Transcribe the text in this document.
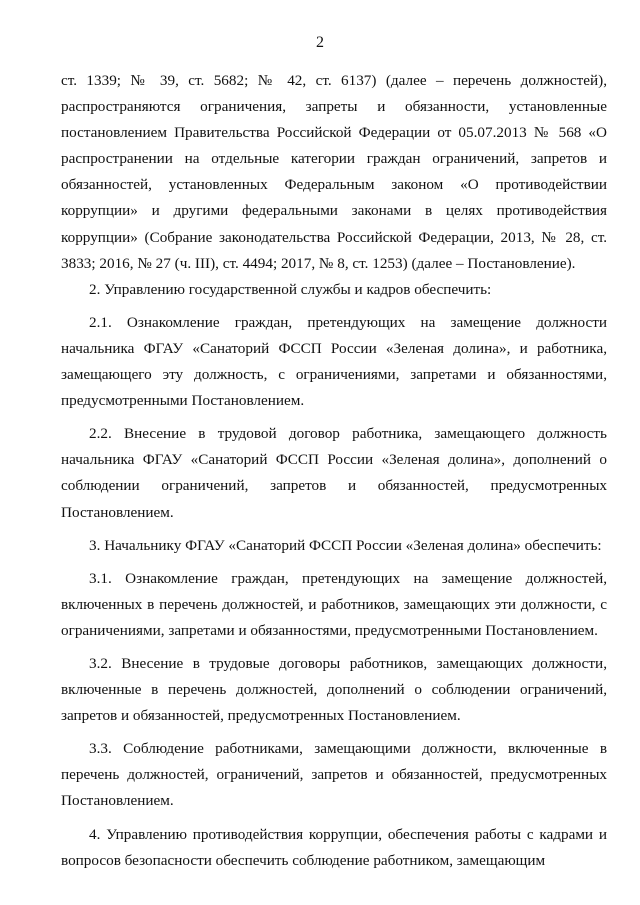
2

ст. 1339; № 39, ст. 5682; № 42, ст. 6137) (далее – перечень должностей), распространяются ограничения, запреты и обязанности, установленные постановлением Правительства Российской Федерации от 05.07.2013 № 568 «О распространении на отдельные категории граждан ограничений, запретов и обязанностей, установленных Федеральным законом «О противодействии коррупции» и другими федеральными законами в целях противодействия коррупции» (Собрание законодательства Российской Федерации, 2013, № 28, ст. 3833; 2016, № 27 (ч. III), ст. 4494; 2017, № 8, ст. 1253) (далее – Постановление).

2. Управлению государственной службы и кадров обеспечить:

2.1. Ознакомление граждан, претендующих на замещение должности начальника ФГАУ «Санаторий ФССП России «Зеленая долина», и работника, замещающего эту должность, с ограничениями, запретами и обязанностями, предусмотренными Постановлением.

2.2. Внесение в трудовой договор работника, замещающего должность начальника ФГАУ «Санаторий ФССП России «Зеленая долина», дополнений о соблюдении ограничений, запретов и обязанностей, предусмотренных Постановлением.

3. Начальнику ФГАУ «Санаторий ФССП России «Зеленая долина» обеспечить:

3.1. Ознакомление граждан, претендующих на замещение должностей, включенных в перечень должностей, и работников, замещающих эти должности, с ограничениями, запретами и обязанностями, предусмотренными Постановлением.

3.2. Внесение в трудовые договоры работников, замещающих должности, включенные в перечень должностей, дополнений о соблюдении ограничений, запретов и обязанностей, предусмотренных Постановлением.

3.3. Соблюдение работниками, замещающими должности, включенные в перечень должностей, ограничений, запретов и обязанностей, предусмотренных Постановлением.

4. Управлению противодействия коррупции, обеспечения работы с кадрами и вопросов безопасности обеспечить соблюдение работником, замещающим
